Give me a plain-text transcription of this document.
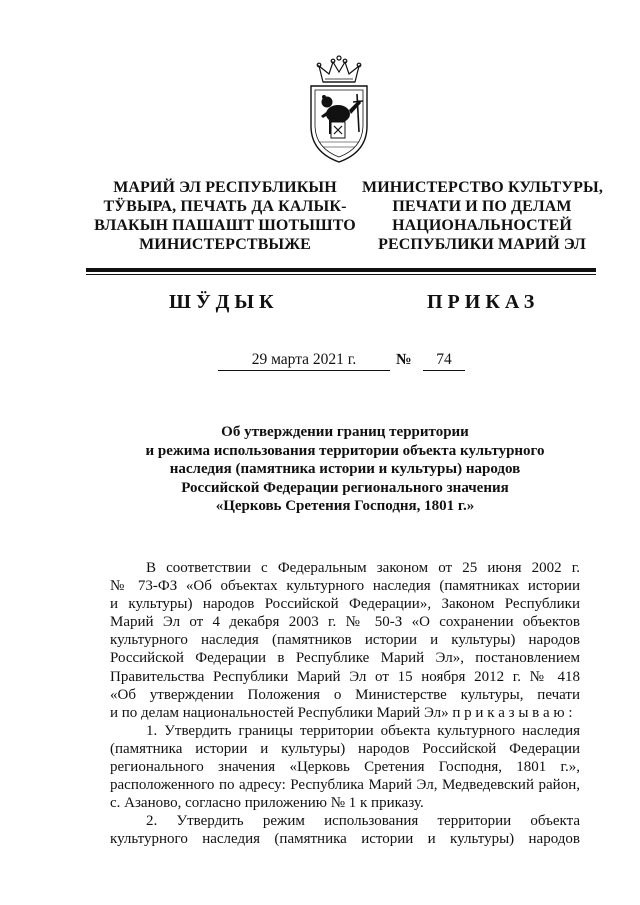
МАРИЙ ЭЛ РЕСПУБЛИКЫН
ТӰВЫРА, ПЕЧАТЬ ДА КАЛЫК-
ВЛАКЫН ПАШАШТ ШОТЫШТО
МИНИСТЕРСТВЫЖЕ
МИНИСТЕРСТВО КУЛЬТУРЫ,
ПЕЧАТИ И ПО ДЕЛАМ
НАЦИОНАЛЬНОСТЕЙ
РЕСПУБЛИКИ МАРИЙ ЭЛ
ШӰДЫК	ПРИКАЗ
29 марта 2021 г.	№	74
Об утверждении границ территории
и режима использования территории объекта культурного
наследия (памятника истории и культуры) народов
Российской Федерации регионального значения
«Церковь Сретения Господня, 1801 г.»
В соответствии с Федеральным законом от 25 июня 2002 г.
№ 73-ФЗ «Об объектах культурного наследия (памятниках истории
и культуры) народов Российской Федерации», Законом Республики
Марий Эл от 4 декабря 2003 г. № 50-З «О сохранении объектов
культурного наследия (памятников истории и культуры) народов
Российской Федерации в Республике Марий Эл», постановлением
Правительства Республики Марий Эл от 15 ноября 2012 г. № 418
«Об утверждении Положения о Министерстве культуры, печати
и по делам национальностей Республики Марий Эл» п р и к а з ы в а ю :
1. Утвердить границы территории объекта культурного наследия
(памятника истории и культуры) народов Российской Федерации
регионального значения «Церковь Сретения Господня, 1801 г.»,
расположенного по адресу: Республика Марий Эл, Медведевский район,
с. Азаново, согласно приложению № 1 к приказу.
2. Утвердить режим использования территории объекта
культурного наследия (памятника истории и культуры) народов
